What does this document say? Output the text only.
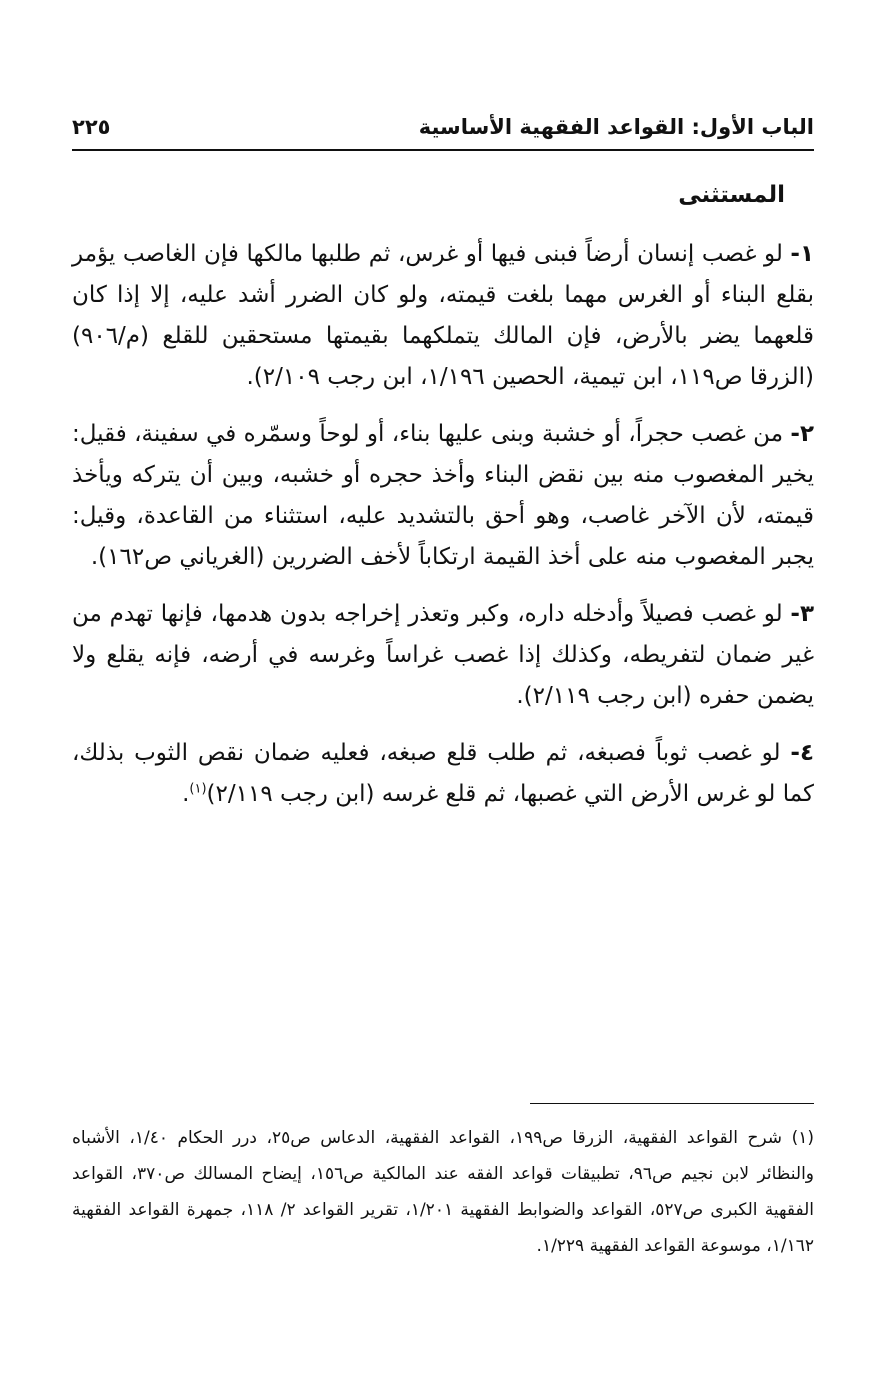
الباب الأول: القواعد الفقهية الأساسية
٢٢٥
المستثنى

١- لو غصب إنسان أرضاً فبنى فيها أو غرس، ثم طلبها مالكها فإن الغاصب يؤمر بقلع البناء أو الغرس مهما بلغت قيمته، ولو كان الضرر أشد عليه، إلا إذا كان قلعهما يضر بالأرض، فإن المالك يتملكهما بقيمتها مستحقين للقلع (م/٩٠٦) (الزرقا ص١١٩، ابن تيمية، الحصين ١/١٩٦، ابن رجب ٢/١٠٩).

٢- من غصب حجراً، أو خشبة وبنى عليها بناء، أو لوحاً وسمّره في سفينة، فقيل: يخير المغصوب منه بين نقض البناء وأخذ حجره أو خشبه، وبين أن يتركه ويأخذ قيمته، لأن الآخر غاصب، وهو أحق بالتشديد عليه، استثناء من القاعدة، وقيل: يجبر المغصوب منه على أخذ القيمة ارتكاباً لأخف الضررين (الغرياني ص١٦٢).

٣- لو غصب فصيلاً وأدخله داره، وكبر وتعذر إخراجه بدون هدمها، فإنها تهدم من غير ضمان لتفريطه، وكذلك إذا غصب غراساً وغرسه في أرضه، فإنه يقلع ولا يضمن حفره (ابن رجب ٢/١١٩).

٤- لو غصب ثوباً فصبغه، ثم طلب قلع صبغه، فعليه ضمان نقص الثوب بذلك، كما لو غرس الأرض التي غصبها، ثم قلع غرسه (ابن رجب ٢/١١٩)$^{(١)}$.

(١) شرح القواعد الفقهية، الزرقا ص١٩٩، القواعد الفقهية، الدعاس ص٢٥، درر الحكام ١/٤٠، الأشباه والنظائر لابن نجيم ص٩٦، تطبيقات قواعد الفقه عند المالكية ص١٥٦، إيضاح المسالك ص٣٧٠، القواعد الفقهية الكبرى ص٥٢٧، القواعد والضوابط الفقهية ١/٢٠١، تقرير القواعد ٢/ ١١٨، جمهرة القواعد الفقهية ١/١٦٢، موسوعة القواعد الفقهية ١/٢٢٩.
